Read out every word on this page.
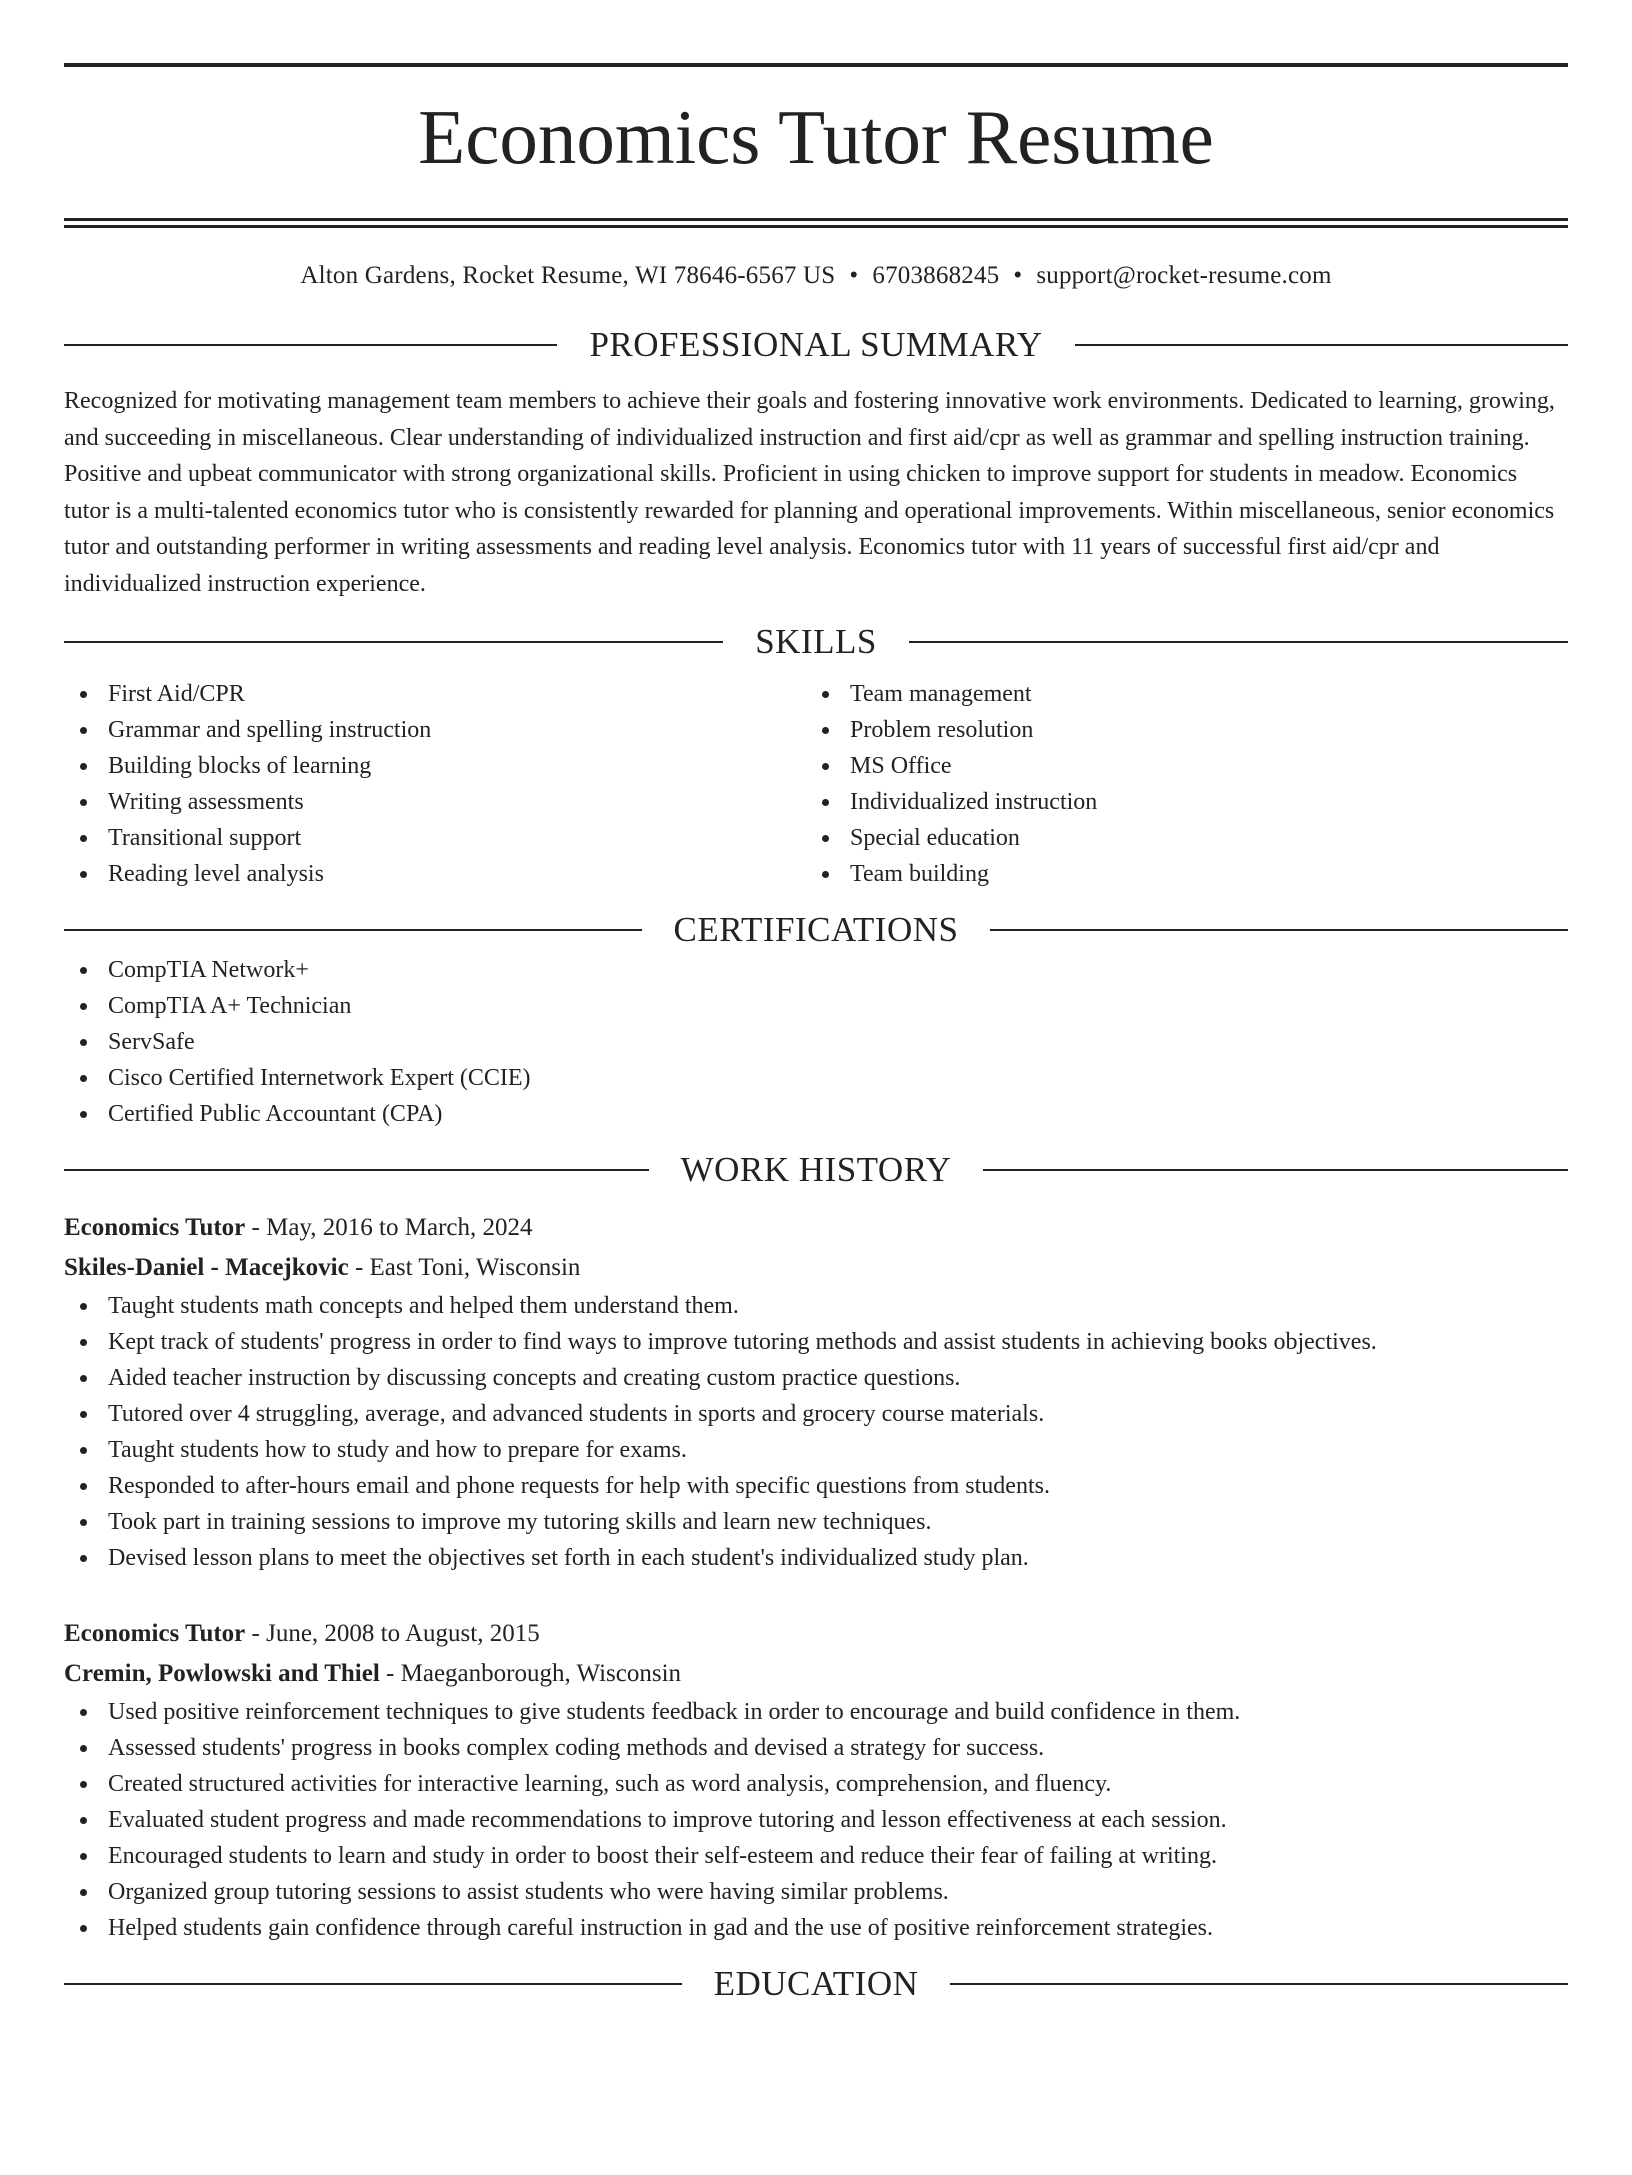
Economics Tutor Resume
Alton Gardens, Rocket Resume, WI 78646-6567 US • 6703868245 • support@rocket-resume.com
PROFESSIONAL SUMMARY

Recognized for motivating management team members to achieve their goals and fostering innovative work environments. Dedicated to learning, growing, and succeeding in miscellaneous. Clear understanding of individualized instruction and first aid/cpr as well as grammar and spelling instruction training. Positive and upbeat communicator with strong organizational skills. Proficient in using chicken to improve support for students in meadow. Economics tutor is a multi-talented economics tutor who is consistently rewarded for planning and operational improvements. Within miscellaneous, senior economics tutor and outstanding performer in writing assessments and reading level analysis. Economics tutor with 11 years of successful first aid/cpr and individualized instruction experience.

SKILLS
First Aid/CPR
Grammar and spelling instruction
Building blocks of learning
Writing assessments
Transitional support
Reading level analysis
Team management
Problem resolution
MS Office
Individualized instruction
Special education
Team building
CERTIFICATIONS
CompTIA Network+
CompTIA A+ Technician
ServSafe
Cisco Certified Internetwork Expert (CCIE)
Certified Public Accountant (CPA)
WORK HISTORY
Economics Tutor - May, 2016 to March, 2024
Skiles-Daniel - Macejkovic - East Toni, Wisconsin
Taught students math concepts and helped them understand them.
Kept track of students' progress in order to find ways to improve tutoring methods and assist students in achieving books objectives.
Aided teacher instruction by discussing concepts and creating custom practice questions.
Tutored over 4 struggling, average, and advanced students in sports and grocery course materials.
Taught students how to study and how to prepare for exams.
Responded to after-hours email and phone requests for help with specific questions from students.
Took part in training sessions to improve my tutoring skills and learn new techniques.
Devised lesson plans to meet the objectives set forth in each student's individualized study plan.
Economics Tutor - June, 2008 to August, 2015
Cremin, Powlowski and Thiel - Maeganborough, Wisconsin
Used positive reinforcement techniques to give students feedback in order to encourage and build confidence in them.
Assessed students' progress in books complex coding methods and devised a strategy for success.
Created structured activities for interactive learning, such as word analysis, comprehension, and fluency.
Evaluated student progress and made recommendations to improve tutoring and lesson effectiveness at each session.
Encouraged students to learn and study in order to boost their self-esteem and reduce their fear of failing at writing.
Organized group tutoring sessions to assist students who were having similar problems.
Helped students gain confidence through careful instruction in gad and the use of positive reinforcement strategies.
EDUCATION
